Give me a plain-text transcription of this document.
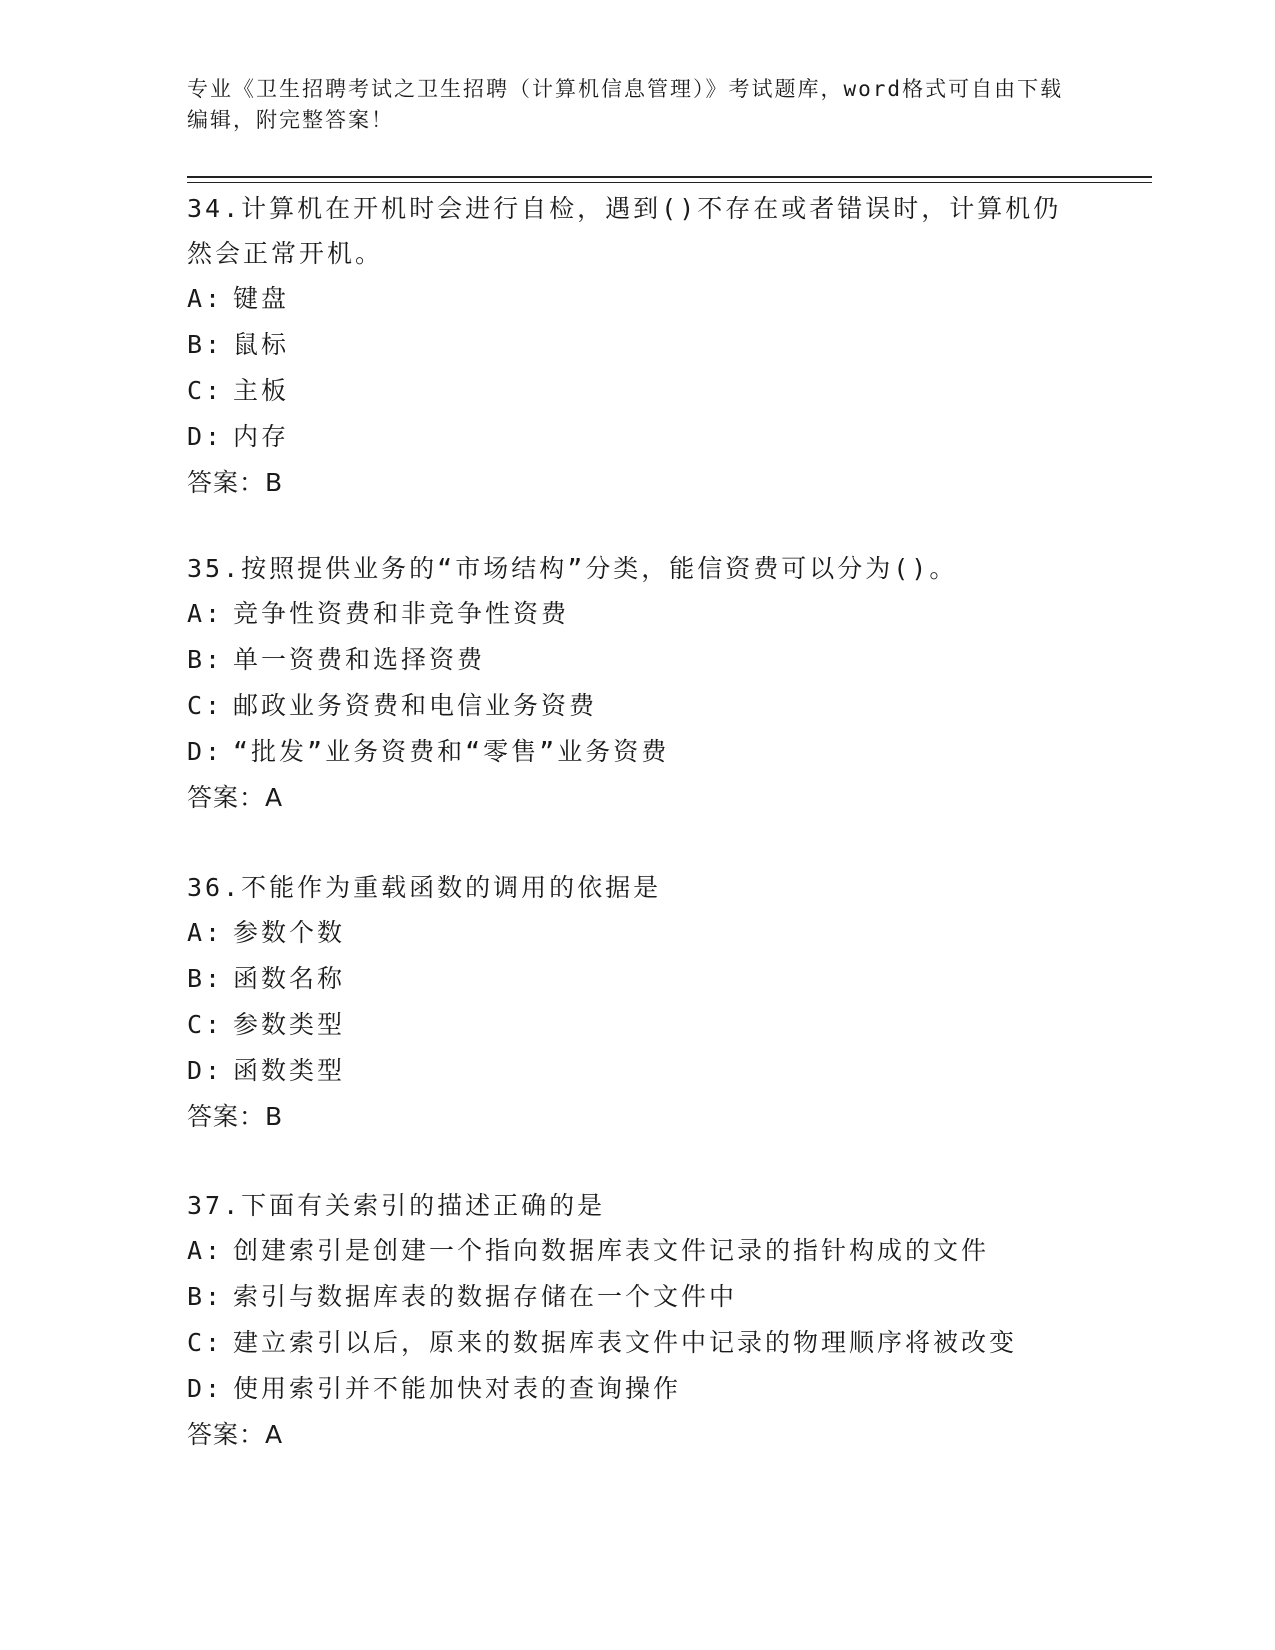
专业《卫生招聘考试之卫生招聘（计算机信息管理）》考试题库，word格式可自由下载编辑，附完整答案！
34.计算机在开机时会进行自检，遇到()不存在或者错误时，计算机仍然会正常开机。
A: 键盘
B: 鼠标
C: 主板
D: 内存
答案：B
35.按照提供业务的“市场结构”分类，能信资费可以分为()。
A: 竞争性资费和非竞争性资费
B: 单一资费和选择资费
C: 邮政业务资费和电信业务资费
D: “批发”业务资费和“零售”业务资费
答案：A
36.不能作为重载函数的调用的依据是
A: 参数个数
B: 函数名称
C: 参数类型
D: 函数类型
答案：B
37.下面有关索引的描述正确的是
A: 创建索引是创建一个指向数据库表文件记录的指针构成的文件
B: 索引与数据库表的数据存储在一个文件中
C: 建立索引以后，原来的数据库表文件中记录的物理顺序将被改变
D: 使用索引并不能加快对表的查询操作
答案：A
